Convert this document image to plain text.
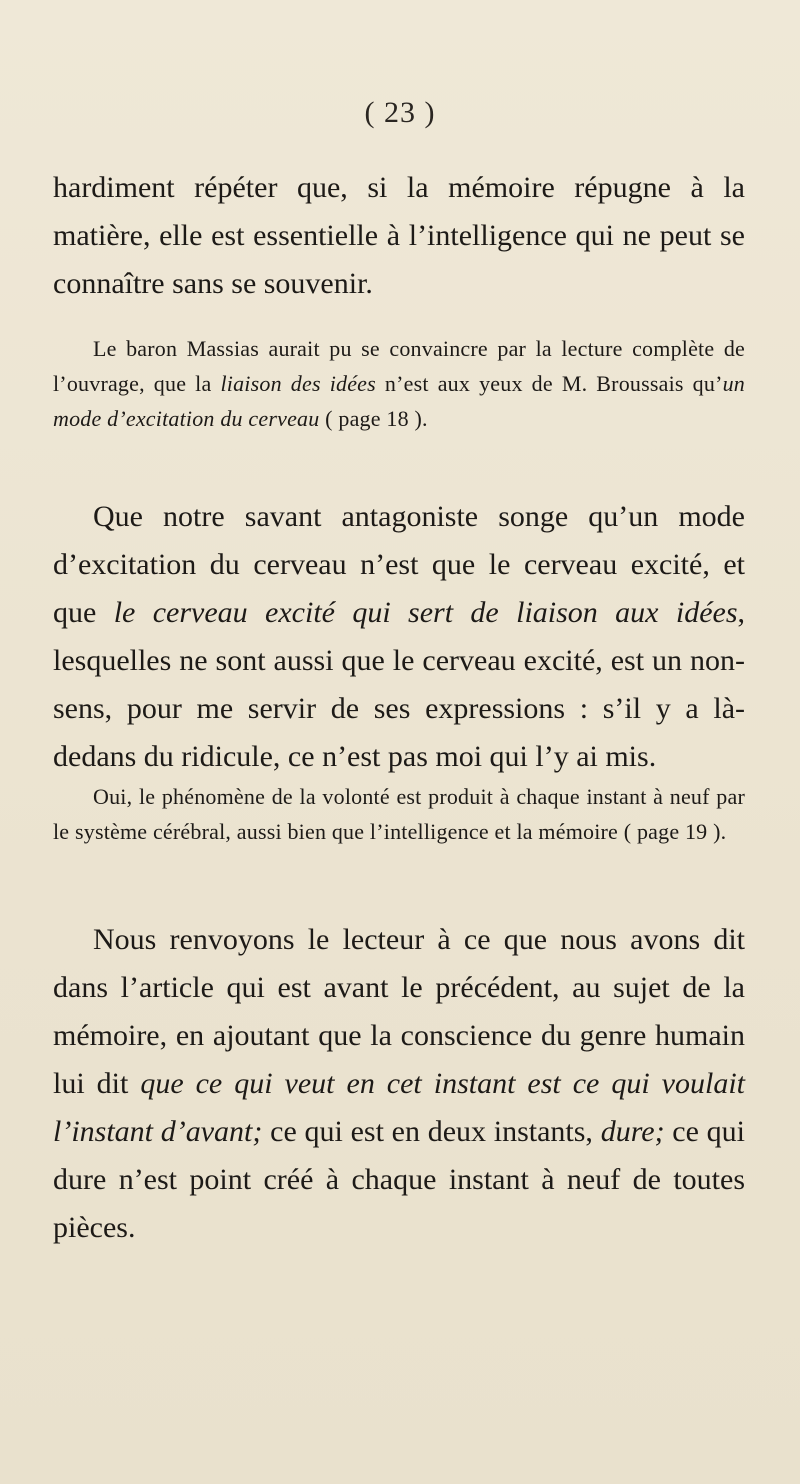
( 23 )

hardiment répéter que, si la mémoire répugne à la matière, elle est essentielle à l’intelligence qui ne peut se connaître sans se souvenir.

Le baron Massias aurait pu se convaincre par la lecture complète de l’ouvrage, que la liaison des idées n’est aux yeux de M. Broussais qu’un mode d’excitation du cerveau ( page 18 ).

Que notre savant antagoniste songe qu’un mode d’excitation du cerveau n’est que le cerveau excité, et que le cerveau excité qui sert de liaison aux idées, lesquelles ne sont aussi que le cerveau excité, est un non-sens, pour me servir de ses expressions : s’il y a là-dedans du ridicule, ce n’est pas moi qui l’y ai mis.

Oui, le phénomène de la volonté est produit à chaque instant à neuf par le système cérébral, aussi bien que l’intelligence et la mémoire ( page 19 ).

Nous renvoyons le lecteur à ce que nous avons dit dans l’article qui est avant le précédent, au sujet de la mémoire, en ajoutant que la conscience du genre humain lui dit que ce qui veut en cet instant est ce qui voulait l’instant d’avant; ce qui est en deux instants, dure; ce qui dure n’est point créé à chaque instant à neuf de toutes pièces.
